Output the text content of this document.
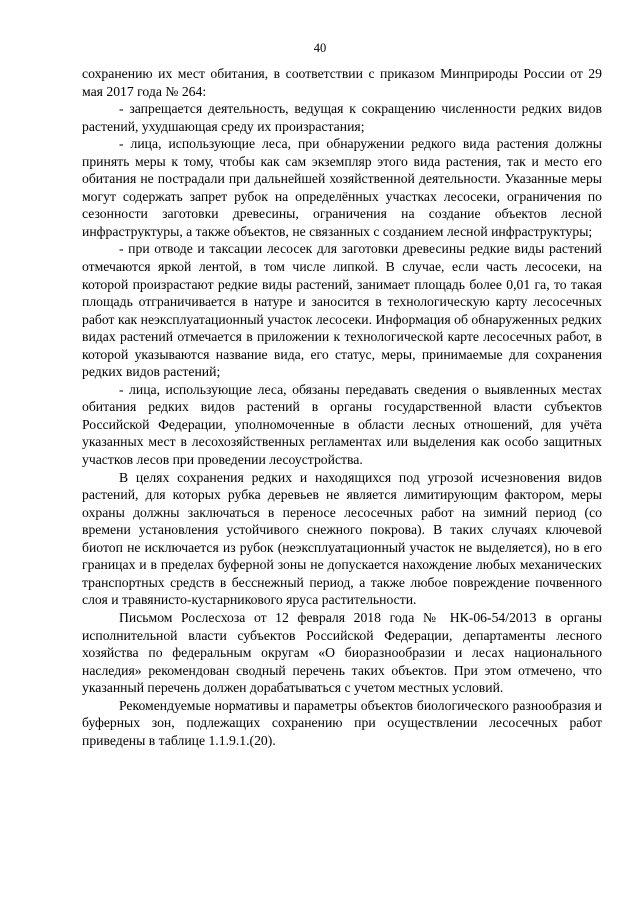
40

сохранению их мест обитания, в соответствии с приказом Минприроды России от 29 мая 2017 года № 264:

- запрещается деятельность, ведущая к сокращению численности редких видов растений, ухудшающая среду их произрастания;

- лица, использующие леса, при обнаружении редкого вида растения должны принять меры к тому, чтобы как сам экземпляр этого вида растения, так и место его обитания не пострадали при дальнейшей хозяйственной деятельности. Указанные меры могут содержать запрет рубок на определённых участках лесосеки, ограничения по сезонности заготовки древесины, ограничения на создание объектов лесной инфраструктуры, а также объектов, не связанных с созданием лесной инфраструктуры;

- при отводе и таксации лесосек для заготовки древесины редкие виды растений отмечаются яркой лентой, в том числе липкой. В случае, если часть лесосеки, на которой произрастают редкие виды растений, занимает площадь более 0,01 га, то такая площадь отграничивается в натуре и заносится в технологическую карту лесосечных работ как неэксплуатационный участок лесосеки. Информация об обнаруженных редких видах растений отмечается в приложении к технологической карте лесосечных работ, в которой указываются название вида, его статус, меры, принимаемые для сохранения редких видов растений;

- лица, использующие леса, обязаны передавать сведения о выявленных местах обитания редких видов растений в органы государственной власти субъектов Российской Федерации, уполномоченные в области лесных отношений, для учёта указанных мест в лесохозяйственных регламентах или выделения как особо защитных участков лесов при проведении лесоустройства.

В целях сохранения редких и находящихся под угрозой исчезновения видов растений, для которых рубка деревьев не является лимитирующим фактором, меры охраны должны заключаться в переносе лесосечных работ на зимний период (со времени установления устойчивого снежного покрова). В таких случаях ключевой биотоп не исключается из рубок (неэксплуатационный участок не выделяется), но в его границах и в пределах буферной зоны не допускается нахождение любых механических транспортных средств в бесснежный период, а также любое повреждение почвенного слоя и травянисто-кустарникового яруса растительности.

Письмом Рослесхоза от 12 февраля 2018 года № НК-06-54/2013 в органы исполнительной власти субъектов Российской Федерации, департаменты лесного хозяйства по федеральным округам «О биоразнообразии и лесах национального наследия» рекомендован сводный перечень таких объектов. При этом отмечено, что указанный перечень должен дорабатываться с учетом местных условий.

Рекомендуемые нормативы и параметры объектов биологического разнообразия и буферных зон, подлежащих сохранению при осуществлении лесосечных работ приведены в таблице 1.1.9.1.(20).
